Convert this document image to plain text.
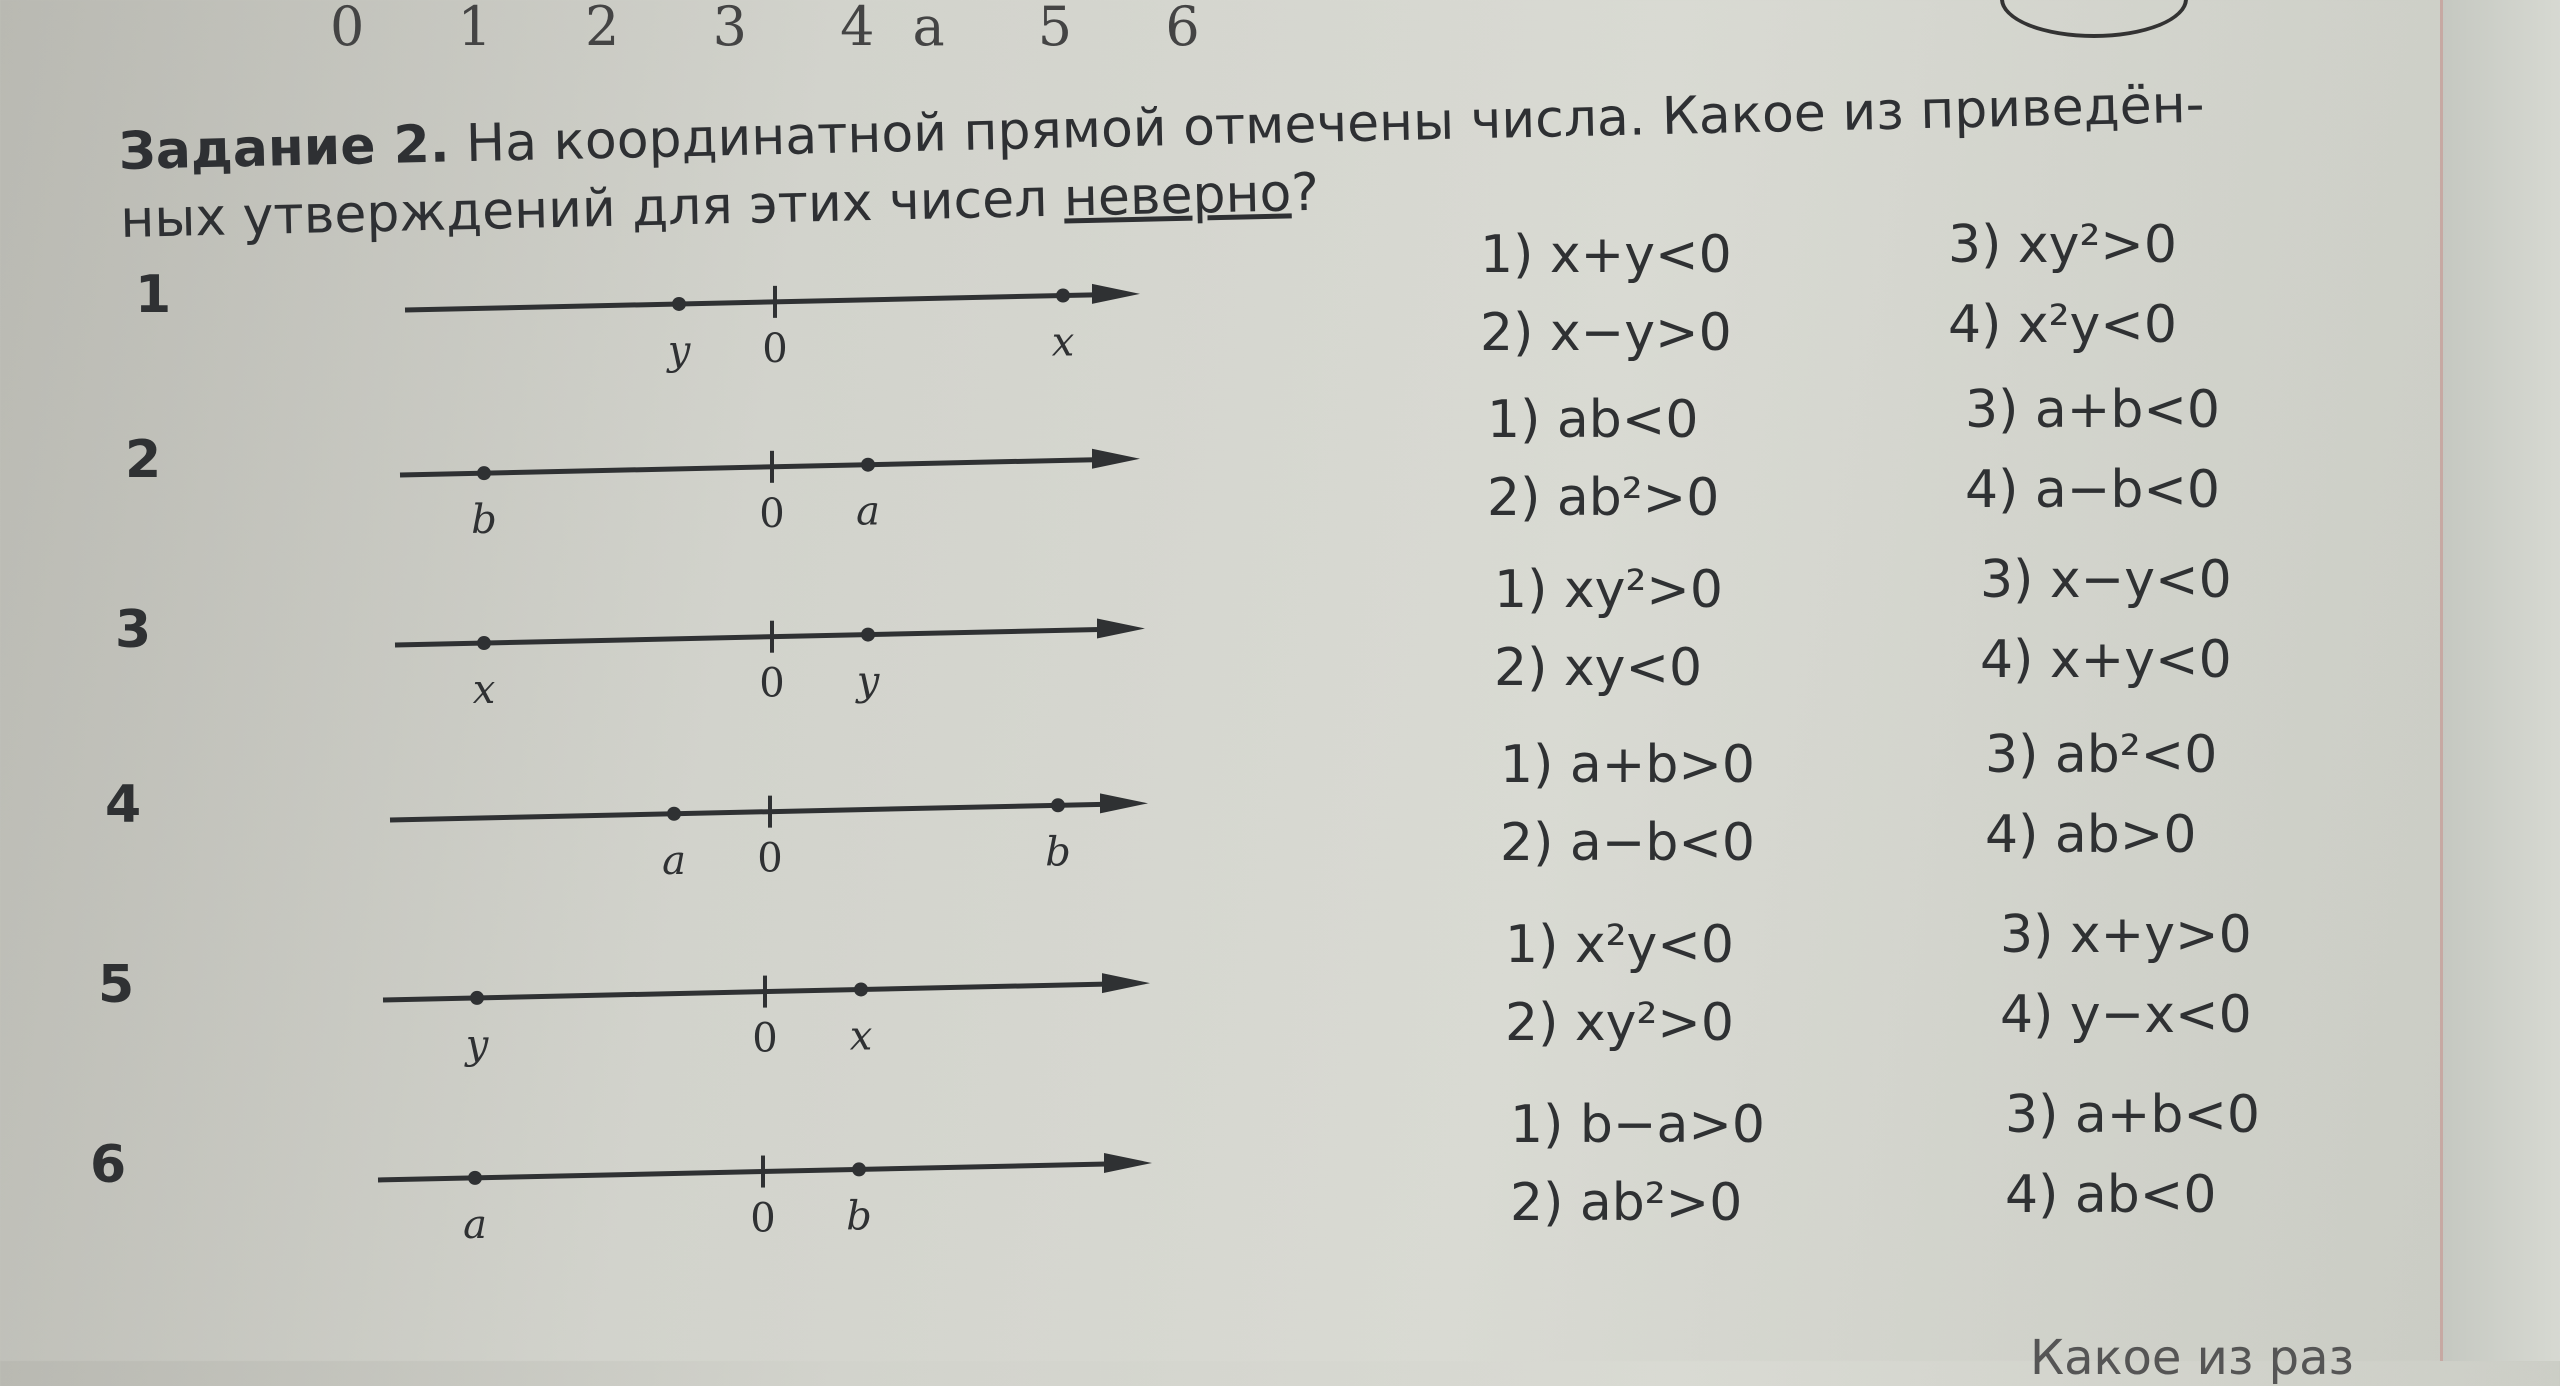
0 1 2 3 4a 5 6
Задание 2. На координатной прямой отмечены числа. Какое из приведён-
ных утверждений для этих чисел неверно?
y 0	x
b	0 a
x	0 y
a 0	b
y	0 x
a	0 b
1
1) x+y<0	3) xy²>0
2) x−y>0	4) x²y<0
2
1) ab<0	3) a+b<0
2) ab²>0	4) a−b<0
3
1) xy²>0	3) x−y<0
2) xy<0	4) x+y<0
4
1) a+b>0	3) ab²<0
2) a−b<0	4) ab>0
5
1) x²y<0	3) x+y>0
2) xy²>0	4) y−x<0
6
1) b−a>0	3) a+b<0
2) ab²>0	4) ab<0
Какое из раз
